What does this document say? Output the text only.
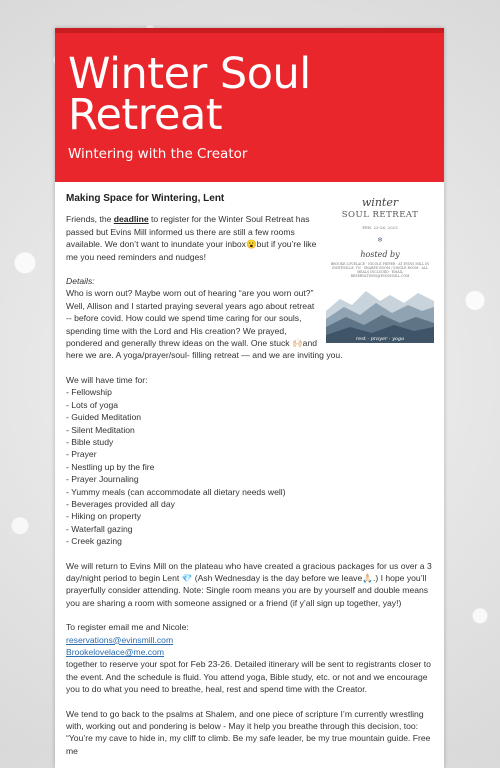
Winter Soul
Retreat
Wintering with the Creator
winter
SOUL RETREAT
FEB. 23-26, 2023
❄
hosted by
BROOKE LOVELACE · NICOLE PIEPER · AT EVINS MILL IN SMITHVILLE, TN · SHARED ROOM / SINGLE ROOM · ALL MEALS INCLUDED · EMAIL RESERVATIONS@EVINSMILL.COM
rest · prayer · yoga
Making Space for Wintering, Lent

Friends, the deadline to register for the Winter Soul Retreat has passed but Evins Mill informed us there are still a few rooms available. We don’t want to inundate your inbox😮but if you’re like me you need reminders and nudges!

Details:

Who is worn out? Maybe worn out of hearing “are you worn out?” Well, Allison and I started praying several years ago about retreat -- before covid. How could we spend time caring for our souls, spending time with the Lord and His creation? We prayed, pondered and generally threw ideas on the wall. One stuck 🙌🏻and here we are. A yoga/prayer/soul- filling retreat — and we are inviting you.

We will have time for:
- Fellowship
- Lots of yoga
- Guided Meditation
- Silent Meditation
- Bible study
- Prayer
- Nestling up by the fire
- Prayer Journaling
- Yummy meals (can accommodate all dietary needs well)
- Beverages provided all day
- Hiking on property
- Waterfall gazing
- Creek gazing

We will return to Evins Mill on the plateau who have created a gracious packages for us over a 3 day/night period to begin Lent 💎 (Ash Wednesday is the day before we leave🙏🏻.) I hope you’ll prayerfully consider attending. Note: Single room means you are by yourself and double means you are sharing a room with someone assigned or a friend (if y’all sign up together, yay!)

To register email me and Nicole:
reservations@evinsmill.com
Brookelovelace@me.com

together to reserve your spot for Feb 23-26. Detailed itinerary will be sent to registrants closer to the event. And the schedule is fluid. You attend yoga, Bible study, etc. or not and we encourage you to do what you need to breathe, heal, rest and spend time with the Creator.

We tend to go back to the psalms at Shalem, and one piece of scripture I’m currently wrestling with, working out and pondering is below - May it help you breathe through this decision, too: “You’re my cave to hide in, my cliff to climb. Be my safe leader, be my true mountain guide. Free me
